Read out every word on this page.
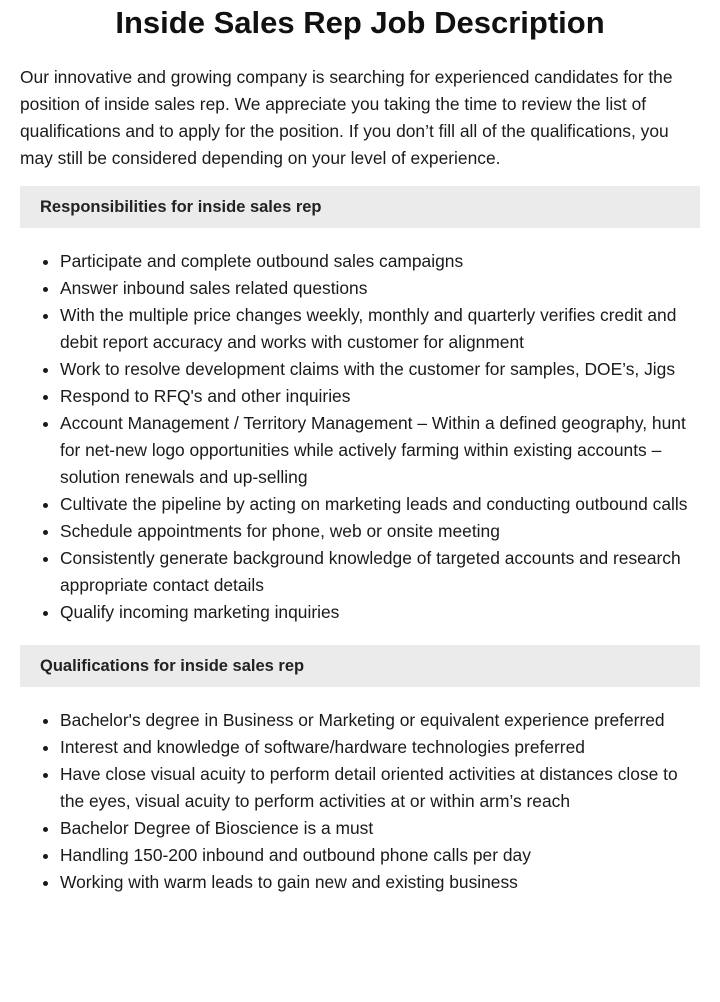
Inside Sales Rep Job Description

Our innovative and growing company is searching for experienced candidates for the position of inside sales rep. We appreciate you taking the time to review the list of qualifications and to apply for the position. If you don’t fill all of the qualifications, you may still be considered depending on your level of experience.

Responsibilities for inside sales rep
• Participate and complete outbound sales campaigns
• Answer inbound sales related questions
• With the multiple price changes weekly, monthly and quarterly verifies credit and debit report accuracy and works with customer for alignment
• Work to resolve development claims with the customer for samples, DOE’s, Jigs
• Respond to RFQ's and other inquiries
• Account Management / Territory Management – Within a defined geography, hunt for net-new logo opportunities while actively farming within existing accounts – solution renewals and up-selling
• Cultivate the pipeline by acting on marketing leads and conducting outbound calls
• Schedule appointments for phone, web or onsite meeting
• Consistently generate background knowledge of targeted accounts and research appropriate contact details
• Qualify incoming marketing inquiries
Qualifications for inside sales rep
• Bachelor's degree in Business or Marketing or equivalent experience preferred
• Interest and knowledge of software/hardware technologies preferred
• Have close visual acuity to perform detail oriented activities at distances close to the eyes, visual acuity to perform activities at or within arm’s reach
• Bachelor Degree of Bioscience is a must
• Handling 150-200 inbound and outbound phone calls per day
• Working with warm leads to gain new and existing business
